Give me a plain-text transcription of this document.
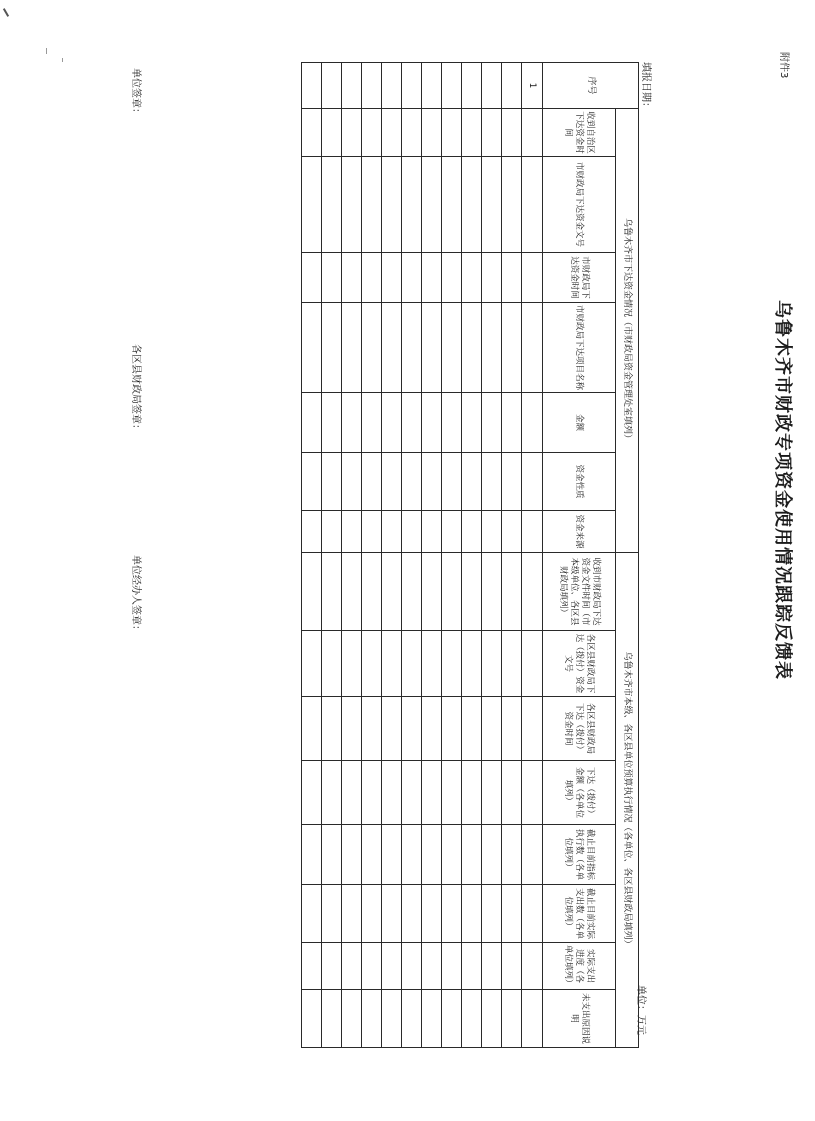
附件3
乌鲁木齐市财政专项资金使用情况跟踪反馈表
单位：万元
填报日期：
序号	乌鲁木齐市下达资金情况（市财政局资金管理处室填列）							乌鲁木齐市本级、各区县单位预算执行情况（各单位、各区县财政局填列）							
	收到自治区下达资金时间	市财政局下达资金文号	市财政局下达资金时间	市财政局下达项目名称	金额	资金性质	资金来源	收到市财政局下达资金文件时间（市本级单位、各区县财政局填列）	各区县财政局下达（拨付）资金文号	各区县财政局下达（拨付）资金时间	下达（拨付）金额（各单位填列）	截止目前指标执行数（各单位填列）	截止目前实际支出数（各单位填列）	实际支出进度（各单位填列）	未支出原因说明
1															

单位签章：
各区县财政局签章：
单位经办人签章：
